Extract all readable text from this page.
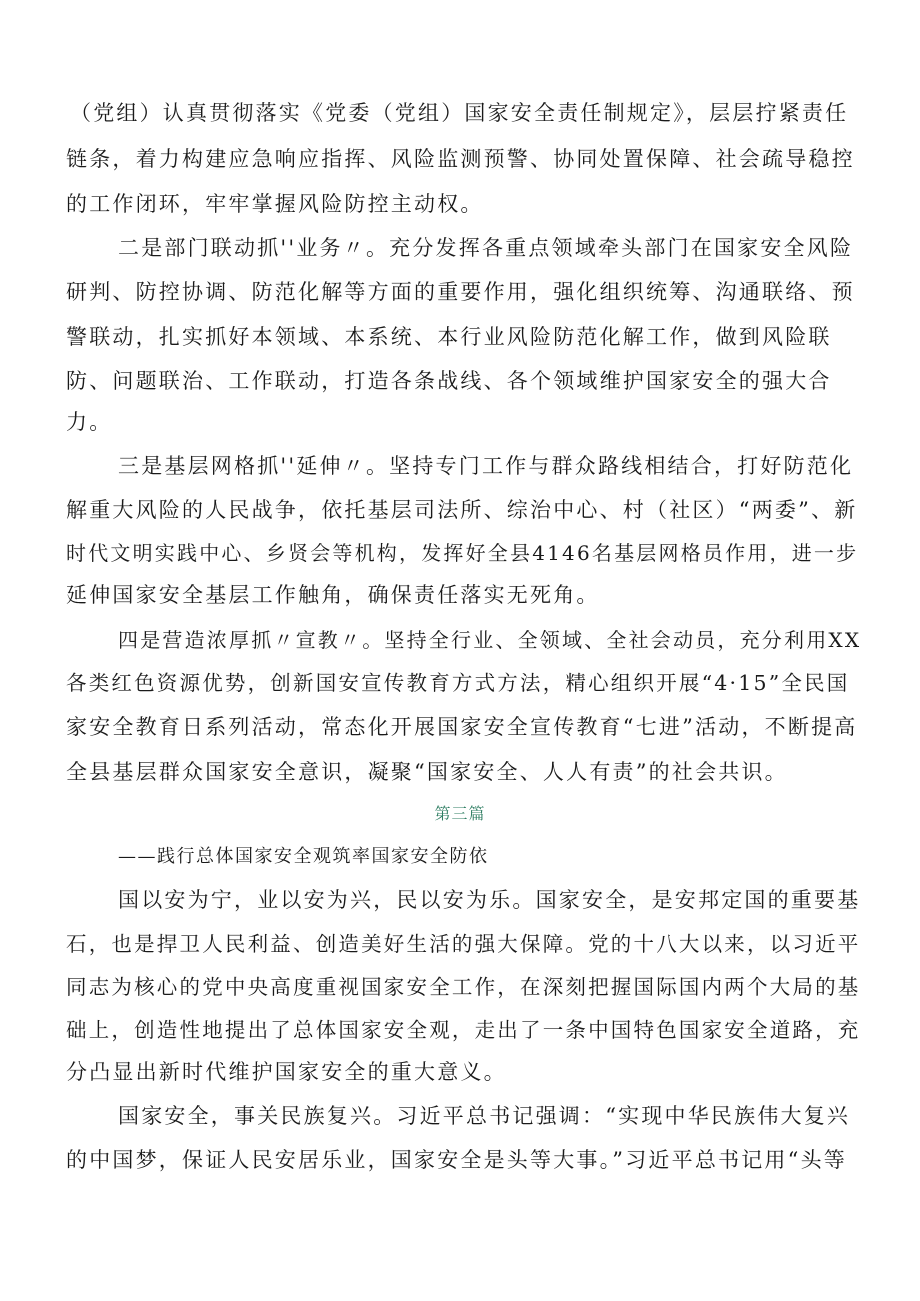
（党组）认真贯彻落实《党委（党组）国家安全责任制规定》，层层拧紧责任
链条，着力构建应急响应指挥、风险监测预警、协同处置保障、社会疏导稳控
的工作闭环，牢牢掌握风险防控主动权。
二是部门联动抓''业务〃。充分发挥各重点领域牵头部门在国家安全风险
研判、防控协调、防范化解等方面的重要作用，强化组织统筹、沟通联络、预
警联动，扎实抓好本领域、本系统、本行业风险防范化解工作，做到风险联
防、问题联治、工作联动，打造各条战线、各个领域维护国家安全的强大合
力。
三是基层网格抓''延伸〃。坚持专门工作与群众路线相结合，打好防范化
解重大风险的人民战争，依托基层司法所、综治中心、村（社区）“两委”、新
时代文明实践中心、乡贤会等机构，发挥好全县4146名基层网格员作用，进一步
延伸国家安全基层工作触角，确保责任落实无死角。
四是营造浓厚抓〃宣教〃。坚持全行业、全领域、全社会动员，充分利用XX
各类红色资源优势，创新国安宣传教育方式方法，精心组织开展“4·15”全民国
家安全教育日系列活动，常态化开展国家安全宣传教育“七进”活动，不断提高
全县基层群众国家安全意识，凝聚“国家安全、人人有责”的社会共识。
第三篇
——践行总体国家安全观筑率国家安全防依
国以安为宁，业以安为兴，民以安为乐。国家安全，是安邦定国的重要基
石，也是捍卫人民利益、创造美好生活的强大保障。党的十八大以来，以习近平
同志为核心的党中央高度重视国家安全工作，在深刻把握国际国内两个大局的基
础上，创造性地提出了总体国家安全观，走出了一条中国特色国家安全道路，充
分凸显出新时代维护国家安全的重大意义。
国家安全，事关民族复兴。习近平总书记强调：“实现中华民族伟大复兴
的中国梦，保证人民安居乐业，国家安全是头等大事。”习近平总书记用“头等
